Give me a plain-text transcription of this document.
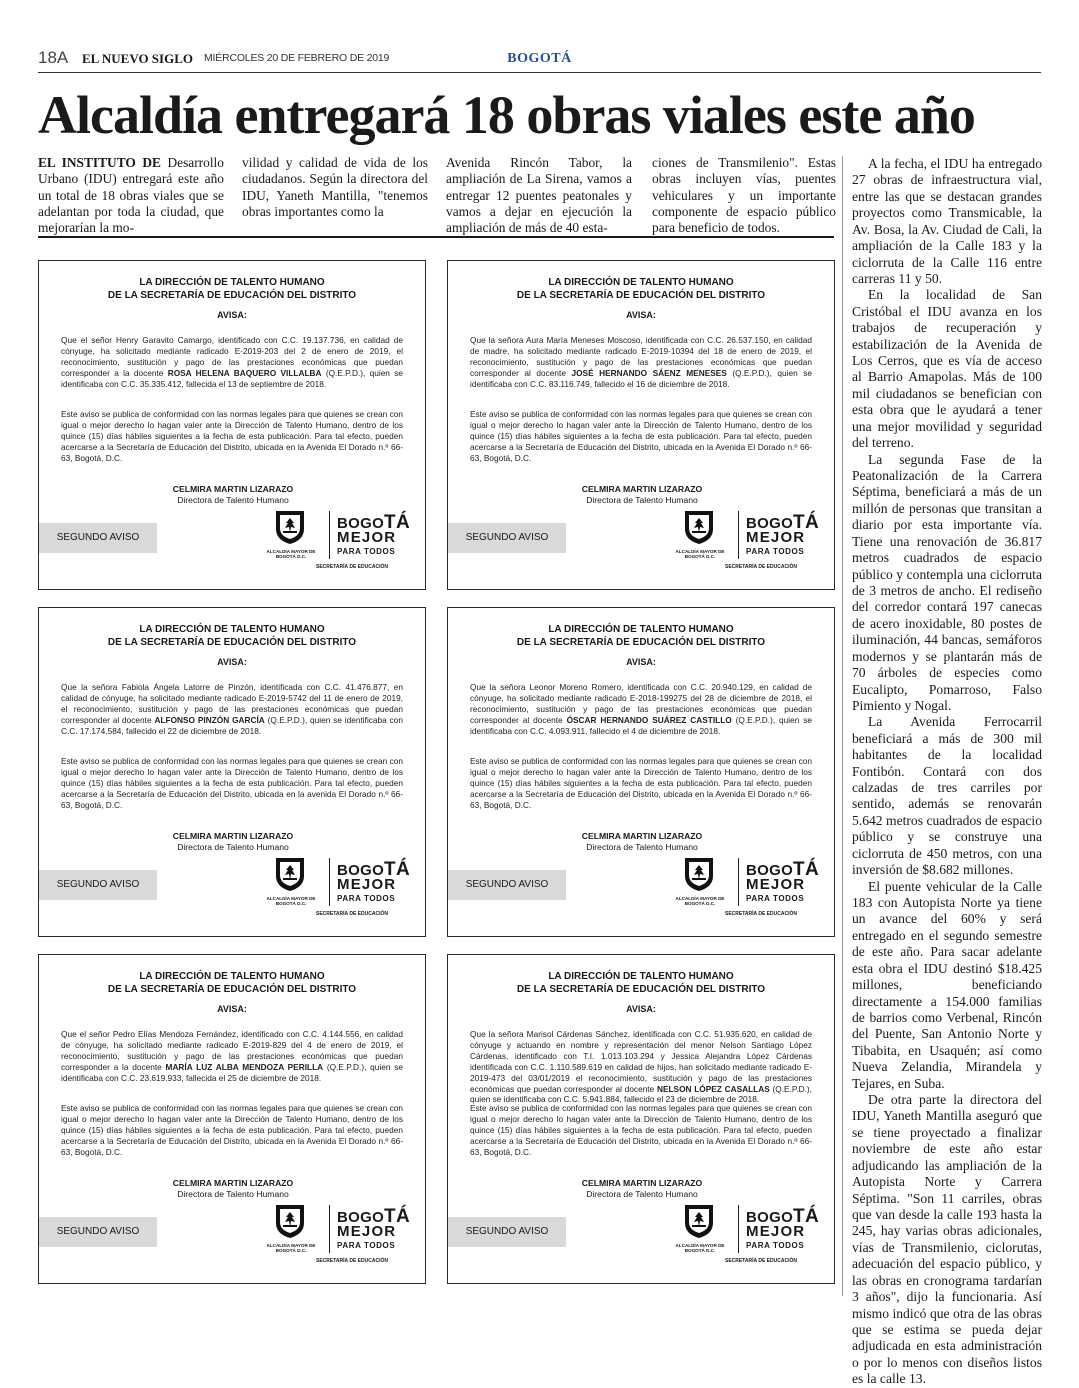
18A EL NUEVO SIGLO MIÉRCOLES 20 DE FEBRERO DE 2019	BOGOTÁ
Alcaldía entregará 18 obras viales este año

EL INSTITUTO DE Desarrollo Urbano (IDU) entregará este año un total de 18 obras viales que se adelantan por toda la ciudad, que mejorarían la mo-

vilidad y calidad de vida de los ciudadanos. Según la directora del IDU, Yaneth Mantilla, "tenemos obras importantes como la

Avenida Rincón Tabor, la ampliación de La Sirena, vamos a entregar 12 puentes peatonales y vamos a dejar en ejecución la ampliación de más de 40 esta-

ciones de Transmilenio". Estas obras incluyen vías, puentes vehiculares y un importante componente de espacio público para beneficio de todos.

A la fecha, el IDU ha entregado 27 obras de infraestructura vial, entre las que se destacan grandes proyectos como Transmicable, la Av. Bosa, la Av. Ciudad de Cali, la ampliación de la Calle 183 y la ciclorruta de la Calle 116 entre carreras 11 y 50.

En la localidad de San Cristóbal el IDU avanza en los trabajos de recuperación y estabilización de la Avenida de Los Cerros, que es vía de acceso al Barrio Amapolas. Más de 100 mil ciudadanos se benefician con esta obra que le ayudará a tener una mejor movilidad y seguridad del terreno.

La segunda Fase de la Peatonalización de la Carrera Séptima, beneficiará a más de un millón de personas que transitan a diario por esta importante vía. Tiene una renovación de 36.817 metros cuadrados de espacio público y contempla una ciclorruta de 3 metros de ancho. El rediseño del corredor contará 197 canecas de acero inoxidable, 80 postes de iluminación, 44 bancas, semáforos modernos y se plantarán más de 70 árboles de especies como Eucalipto, Pomarroso, Falso Pimiento y Nogal.

La Avenida Ferrocarril beneficiará a más de 300 mil habitantes de la localidad Fontibón. Contará con dos calzadas de tres carriles por sentido, además se renovarán 5.642 metros cuadrados de espacio público y se construye una ciclorruta de 450 metros, con una inversión de $8.682 millones.

El puente vehicular de la Calle 183 con Autopista Norte ya tiene un avance del 60% y será entregado en el segundo semestre de este año. Para sacar adelante esta obra el IDU destinó $18.425 millones, beneficiando directamente a 154.000 familias de barrios como Verbenal, Rincón del Puente, San Antonio Norte y Tibabita, en Usaquén; así como Nueva Zelandia, Mirandela y Tejares, en Suba.

De otra parte la directora del IDU, Yaneth Mantilla aseguró que se tiene proyectado a finalizar noviembre de este año estar adjudicando las ampliación de la Autopista Norte y Carrera Séptima. "Son 11 carriles, obras que van desde la calle 193 hasta la 245, hay varias obras adicionales, vías de Transmilenio, ciclorutas, adecuación del espacio público, y las obras en cronograma tardarían 3 años", dijo la funcionaria. Así mismo indicó que otra de las obras que se estima se pueda dejar adjudicada en esta administración o por lo menos con diseños listos es la calle 13.

LA DIRECCIÓN DE TALENTO HUMANO
DE LA SECRETARÍA DE EDUCACIÓN DEL DISTRITO
AVISA:

Que el señor Henry Garavito Camargo, identificado con C.C. 19.137.736, en calidad de cónyuge, ha solicitado mediante radicado E-2019-203 del 2 de enero de 2019, el reconocimiento, sustitución y pago de las prestaciones económicas que puedan corresponder a la docente ROSA HELENA BAQUERO VILLALBA (Q.E.P.D.), quien se identificaba con C.C. 35.335.412, fallecida el 13 de septiembre de 2018.

Este aviso se publica de conformidad con las normas legales para que quienes se crean con igual o mejor derecho lo hagan valer ante la Dirección de Talento Humano, dentro de los quince (15) días hábiles siguientes a la fecha de esta publicación. Para tal efecto, pueden acercarse a la Secretaría de Educación del Distrito, ubicada en la Avenida El Dorado n.º 66-63, Bogotá, D.C.

CELMIRA MARTIN LIZARAZO
Directora de Talento Humano
SEGUNDO AVISO
ALCALDÍA MAYOR DE BOGOTÁ D.C.
BOGOTÁ
MEJOR
PARA TODOS
SECRETARÍA DE EDUCACIÓN
LA DIRECCIÓN DE TALENTO HUMANO
DE LA SECRETARÍA DE EDUCACIÓN DEL DISTRITO
AVISA:

Que la señora Aura María Meneses Moscoso, identificada con C.C. 26.537.150, en calidad de madre, ha solicitado mediante radicado E-2019-10394 del 18 de enero de 2019, el reconocimiento, sustitución y pago de las prestaciones económicas que puedan corresponder al docente JOSÉ HERNANDO SÁENZ MENESES (Q.E.P.D.), quien se identificaba con C.C. 83.116.749, fallecido el 16 de diciembre de 2018.

Este aviso se publica de conformidad con las normas legales para que quienes se crean con igual o mejor derecho lo hagan valer ante la Dirección de Talento Humano, dentro de los quince (15) días hábiles siguientes a la fecha de esta publicación. Para tal efecto, pueden acercarse a la Secretaría de Educación del Distrito, ubicada en la Avenida El Dorado n.º 66-63, Bogotá, D.C.

CELMIRA MARTIN LIZARAZO
Directora de Talento Humano
SEGUNDO AVISO
ALCALDÍA MAYOR DE BOGOTÁ D.C.
BOGOTÁ
MEJOR
PARA TODOS
SECRETARÍA DE EDUCACIÓN
LA DIRECCIÓN DE TALENTO HUMANO
DE LA SECRETARÍA DE EDUCACIÓN DEL DISTRITO
AVISA:

Que la señora Fabiola Ángela Latorre de Pinzón, identificada con C.C. 41.476.877, en calidad de cónyuge, ha solicitado mediante radicado E-2019-5742 del 11 de enero de 2019, el reconocimiento, sustitución y pago de las prestaciones económicas que puedan corresponder al docente ALFONSO PINZÓN GARCÍA (Q.E.P.D.), quien se identificaba con C.C. 17.174.584, fallecido el 22 de diciembre de 2018.

Este aviso se publica de conformidad con las normas legales para que quienes se crean con igual o mejor derecho lo hagan valer ante la Dirección de Talento Humano, dentro de los quince (15) días hábiles siguientes a la fecha de esta publicación. Para tal efecto, pueden acercarse a la Secretaría de Educación del Distrito, ubicada en la avenida El Dorado n.º 66-63, Bogotá, D.C.

CELMIRA MARTIN LIZARAZO
Directora de Talento Humano
SEGUNDO AVISO
ALCALDÍA MAYOR DE BOGOTÁ D.C.
BOGOTÁ
MEJOR
PARA TODOS
SECRETARÍA DE EDUCACIÓN
LA DIRECCIÓN DE TALENTO HUMANO
DE LA SECRETARÍA DE EDUCACIÓN DEL DISTRITO
AVISA:

Que la señora Leonor Moreno Romero, identificada con C.C. 20.940.129, en calidad de cónyuge, ha solicitado mediante radicado E-2018-199275 del 28 de diciembre de 2018, el reconocimiento, sustitución y pago de las prestaciones económicas que puedan corresponder al docente ÓSCAR HERNANDO SUÁREZ CASTILLO (Q.E.P.D.), quien se identificaba con C.C. 4.093.911, fallecido el 4 de diciembre de 2018.

Este aviso se publica de conformidad con las normas legales para que quienes se crean con igual o mejor derecho lo hagan valer ante la Dirección de Talento Humano, dentro de los quince (15) días hábiles siguientes a la fecha de esta publicación. Para tal efecto, pueden acercarse a la Secretaría de Educación del Distrito, ubicada en la Avenida El Dorado n.º 66-63, Bogotá, D.C.

CELMIRA MARTIN LIZARAZO
Directora de Talento Humano
SEGUNDO AVISO
ALCALDÍA MAYOR DE BOGOTÁ D.C.
BOGOTÁ
MEJOR
PARA TODOS
SECRETARÍA DE EDUCACIÓN
LA DIRECCIÓN DE TALENTO HUMANO
DE LA SECRETARÍA DE EDUCACIÓN DEL DISTRITO
AVISA:

Que el señor Pedro Elías Mendoza Fernández, identificado con C.C. 4.144.556, en calidad de cónyuge, ha solicitado mediante radicado E-2019-829 del 4 de enero de 2019, el reconocimiento, sustitución y pago de las prestaciones económicas que puedan corresponder a la docente MARÍA LUZ ALBA MENDOZA PERILLA (Q.E.P.D.), quien se identificaba con C.C. 23.619.933, fallecida el 25 de diciembre de 2018.

Este aviso se publica de conformidad con las normas legales para que quienes se crean con igual o mejor derecho lo hagan valer ante la Dirección de Talento Humano, dentro de los quince (15) días hábiles siguientes a la fecha de esta publicación. Para tal efecto, pueden acercarse a la Secretaría de Educación del Distrito, ubicada en la Avenida El Dorado n.º 66-63, Bogotá, D.C.

CELMIRA MARTIN LIZARAZO
Directora de Talento Humano
SEGUNDO AVISO
ALCALDÍA MAYOR DE BOGOTÁ D.C.
BOGOTÁ
MEJOR
PARA TODOS
SECRETARÍA DE EDUCACIÓN
LA DIRECCIÓN DE TALENTO HUMANO
DE LA SECRETARÍA DE EDUCACIÓN DEL DISTRITO
AVISA:

Que la señora Marisol Cárdenas Sánchez, identificada con C.C. 51.935.620, en calidad de cónyuge y actuando en nombre y representación del menor Nelson Santiago López Cárdenas, identificado con T.I. 1.013.103.294 y Jessica Alejandra López Cárdenas identificada con C.C. 1.110.589.619 en calidad de hijos, han solicitado mediante radicado E-2019-473 del 03/01/2019 el reconocimiento, sustitución y pago de las prestaciones económicas que puedan corresponder al docente NELSON LÓPEZ CASALLAS (Q.E.P.D.), quien se identificaba con C.C. 5.941.884, fallecido el 23 de diciembre de 2018.

Este aviso se publica de conformidad con las normas legales para que quienes se crean con igual o mejor derecho lo hagan valer ante la Dirección de Talento Humano, dentro de los quince (15) días hábiles siguientes a la fecha de esta publicación. Para tal efecto, pueden acercarse a la Secretaría de Educación del Distrito, ubicada en la Avenida El Dorado n.º 66-63, Bogotá, D.C.

CELMIRA MARTIN LIZARAZO
Directora de Talento Humano
SEGUNDO AVISO
ALCALDÍA MAYOR DE BOGOTÁ D.C.
BOGOTÁ
MEJOR
PARA TODOS
SECRETARÍA DE EDUCACIÓN
